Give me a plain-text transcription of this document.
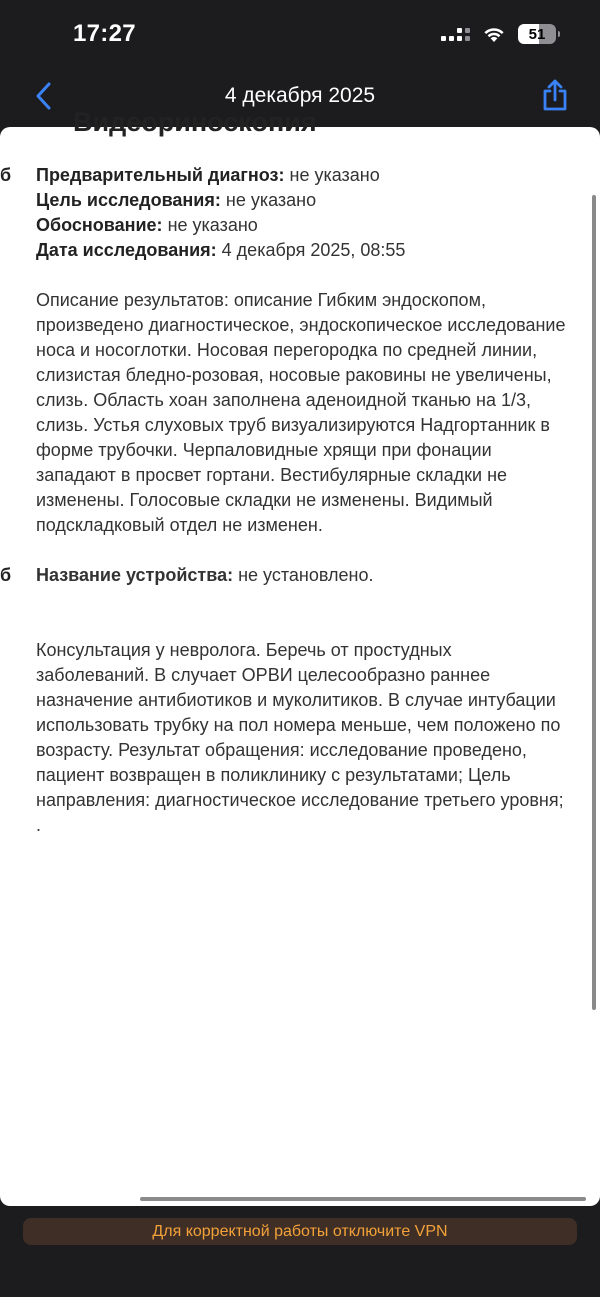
17:27	51
4 декабря 2025
Видеориноскопия
б Предварительный диагноз: не указано
Цель исследования: не указано
Обоснование: не указано
Дата исследования: 4 декабря 2025, 08:55
Описание результатов: описание Гибким эндоскопом, произведено диагностическое, эндоскопическое исследование носа и носоглотки. Носовая перегородка по средней линии, слизистая бледно-розовая, носовые раковины не увеличены, слизь. Область хоан заполнена аденоидной тканью на 1/3, слизь. Устья слуховых труб визуализируются Надгортанник в форме трубочки. Черпаловидные хрящи при фонации западают в просвет гортани. Вестибулярные складки не изменены. Голосовые складки не изменены. Видимый подскладковый отдел не изменен.
б Название устройства: не установлено.
Консультация у невролога. Беречь от простудных заболеваний. В случает ОРВИ целесообразно раннее назначение антибиотиков и муколитиков. В случае интубации использовать трубку на пол номера меньше, чем положено по возрасту. Результат обращения: исследование проведено, пациент возвращен в поликлинику с результатами; Цель направления: диагностическое исследование третьего уровня; .
Для корректной работы отключите VPN
